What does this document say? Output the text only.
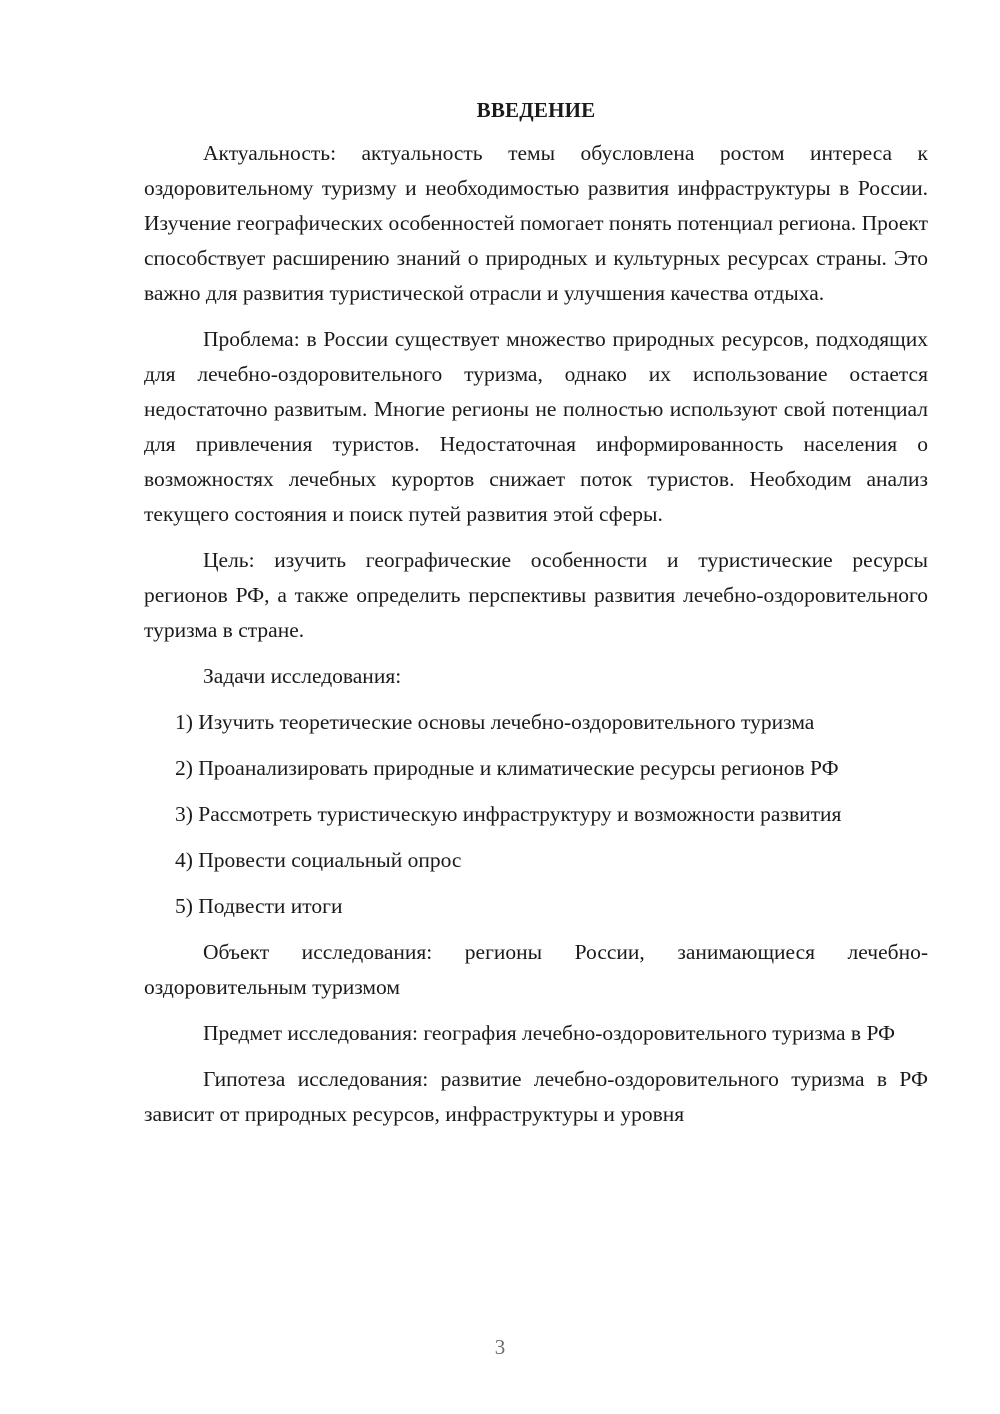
ВВЕДЕНИЕ

Актуальность: актуальность темы обусловлена ростом интереса к оздоровительному туризму и необходимостью развития инфраструктуры в России. Изучение географических особенностей помогает понять потенциал региона. Проект способствует расширению знаний о природных и культурных ресурсах страны. Это важно для развития туристической отрасли и улучшения качества отдыха.

Проблема: в России существует множество природных ресурсов, подходящих для лечебно-оздоровительного туризма, однако их использование остается недостаточно развитым. Многие регионы не полностью используют свой потенциал для привлечения туристов. Недостаточная информированность населения о возможностях лечебных курортов снижает поток туристов. Необходим анализ текущего состояния и поиск путей развития этой сферы.

Цель: изучить географические особенности и туристические ресурсы регионов РФ, а также определить перспективы развития лечебно-оздоровительного туризма в стране.

Задачи исследования:

1) Изучить теоретические основы лечебно-оздоровительного туризма

2) Проанализировать природные и климатические ресурсы регионов РФ

3) Рассмотреть туристическую инфраструктуру и возможности развития

4) Провести социальный опрос

5) Подвести итоги

Объект исследования: регионы России, занимающиеся лечебно-оздоровительным туризмом

Предмет исследования: география лечебно-оздоровительного туризма в РФ

Гипотеза исследования: развитие лечебно-оздоровительного туризма в РФ зависит от природных ресурсов, инфраструктуры и уровня

3
